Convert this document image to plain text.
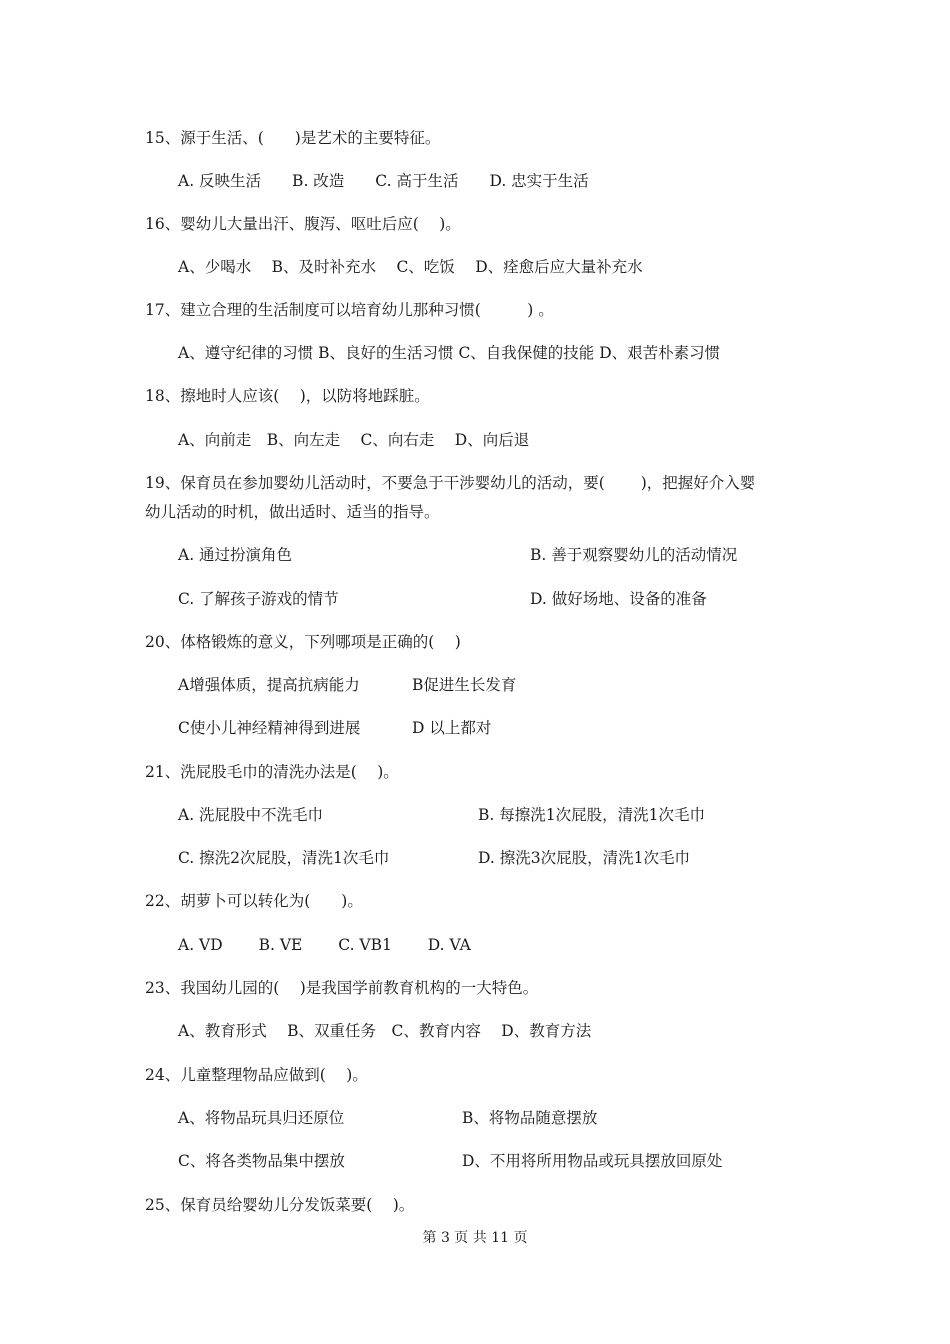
15、源于生活、(　　)是艺术的主要特征。
A. 反映生活　　B. 改造　　C. 高于生活　　D. 忠实于生活
16、婴幼儿大量出汗、腹泻、呕吐后应(　 )。
A、少喝水　 B、及时补充水　 C、吃饭　 D、痊愈后应大量补充水
17、建立合理的生活制度可以培育幼儿那种习惯(　　　) 。
A、遵守纪律的习惯 B、良好的生活习惯 C、自我保健的技能 D、艰苦朴素习惯
18、擦地时人应该(　 )，以防将地踩脏。
A、向前走　B、向左走　 C、向右走　 D、向后退
19、保育员在参加婴幼儿活动时，不要急于干涉婴幼儿的活动，要(　　 )，把握好介入婴
幼儿活动的时机，做出适时、适当的指导。
A. 通过扮演角色	B. 善于观察婴幼儿的活动情况
C. 了解孩子游戏的情节	D. 做好场地、设备的准备
20、体格锻炼的意义，下列哪项是正确的(　 )
A增强体质，提高抗病能力	B促进生长发育
C使小儿神经精神得到进展	D 以上都对
21、洗屁股毛巾的清洗办法是(　 )。
A. 洗屁股中不洗毛巾	B. 每擦洗1次屁股，清洗1次毛巾
C. 擦洗2次屁股，清洗1次毛巾	D. 擦洗3次屁股，清洗1次毛巾
22、胡萝卜可以转化为(　　)。
A. VD　　 B. VE　　 C. VB1　　 D. VA
23、我国幼儿园的(　 )是我国学前教育机构的一大特色。
A、教育形式　 B、双重任务　C、教育内容　 D、教育方法
24、儿童整理物品应做到(　 )。
A、将物品玩具归还原位	B、将物品随意摆放
C、将各类物品集中摆放	D、不用将所用物品或玩具摆放回原处
25、保育员给婴幼儿分发饭菜要(　 )。
第 3 页 共 11 页
